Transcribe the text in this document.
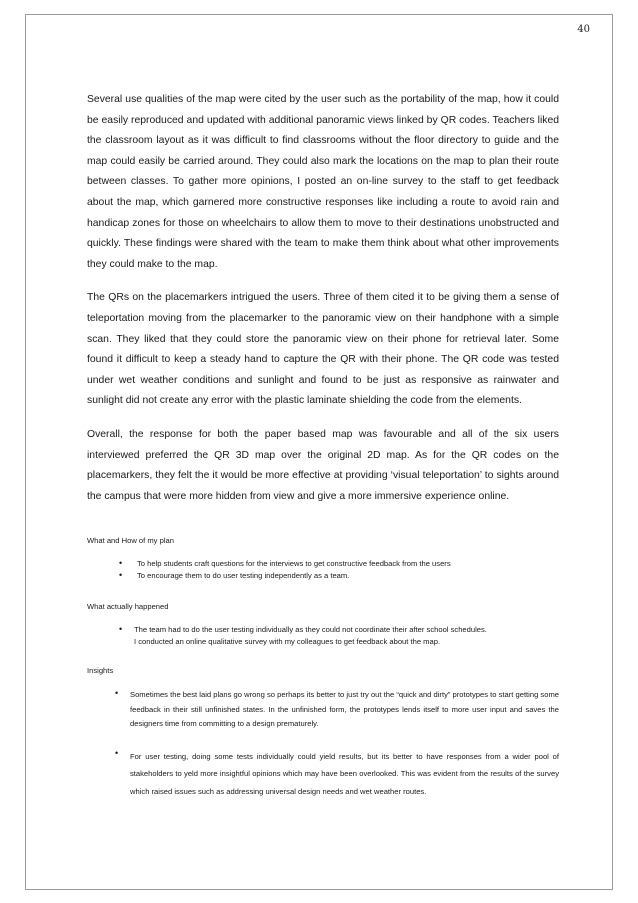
40

Several use qualities of the map were cited by the user such as the portability of the map, how it could be easily reproduced and updated with additional panoramic views linked by QR codes. Teachers liked the classroom layout as it was difficult to find classrooms without the floor directory to guide and the map could easily be carried around. They could also mark the locations on the map to plan their route between classes. To gather more opinions, I posted an on-line survey to the staff to get feedback about the map, which garnered more constructive responses like including a route to avoid rain and handicap zones for those on wheelchairs to allow them to move to their destinations unobstructed and quickly. These findings were shared with the team to make them think about what other improvements they could make to the map.

The QRs on the placemarkers intrigued the users. Three of them cited it to be giving them a sense of teleportation moving from the placemarker to the panoramic view on their handphone with a simple scan. They liked that they could store the panoramic view on their phone for retrieval later. Some found it difficult to keep a steady hand to capture the QR with their phone. The QR code was tested under wet weather conditions and sunlight and found to be just as responsive as rainwater and sunlight did not create any error with the plastic laminate shielding the code from the elements.

Overall, the response for both the paper based map was favourable and all of the six users interviewed preferred the QR 3D map over the original 2D map. As for the QR codes on the placemarkers, they felt the it would be more effective at providing ‘visual teleportation’ to sights around the campus that were more hidden from view and give a more immersive experience online.

What and How of my plan

• To help students craft questions for the interviews to get constructive feedback from the users
• To encourage them to do user testing independently as a team.

What actually happened

• The team had to do the user testing individually as they could not coordinate their after school schedules.
I conducted an online qualitative survey with my colleagues to get feedback about the map.

Insights

• Sometimes the best laid plans go wrong so perhaps its better to just try out the “quick and dirty” prototypes to start getting some feedback in their still unfinished states. In the unfinished form, the prototypes lends itself to more user input and saves the designers time from committing to a design prematurely.
• For user testing, doing some tests individually could yield results, but its better to have responses from a wider pool of stakeholders to yeld more insightful opinions which may have been overlooked. This was evident from the results of the survey which raised issues such as addressing universal design needs and wet weather routes.
